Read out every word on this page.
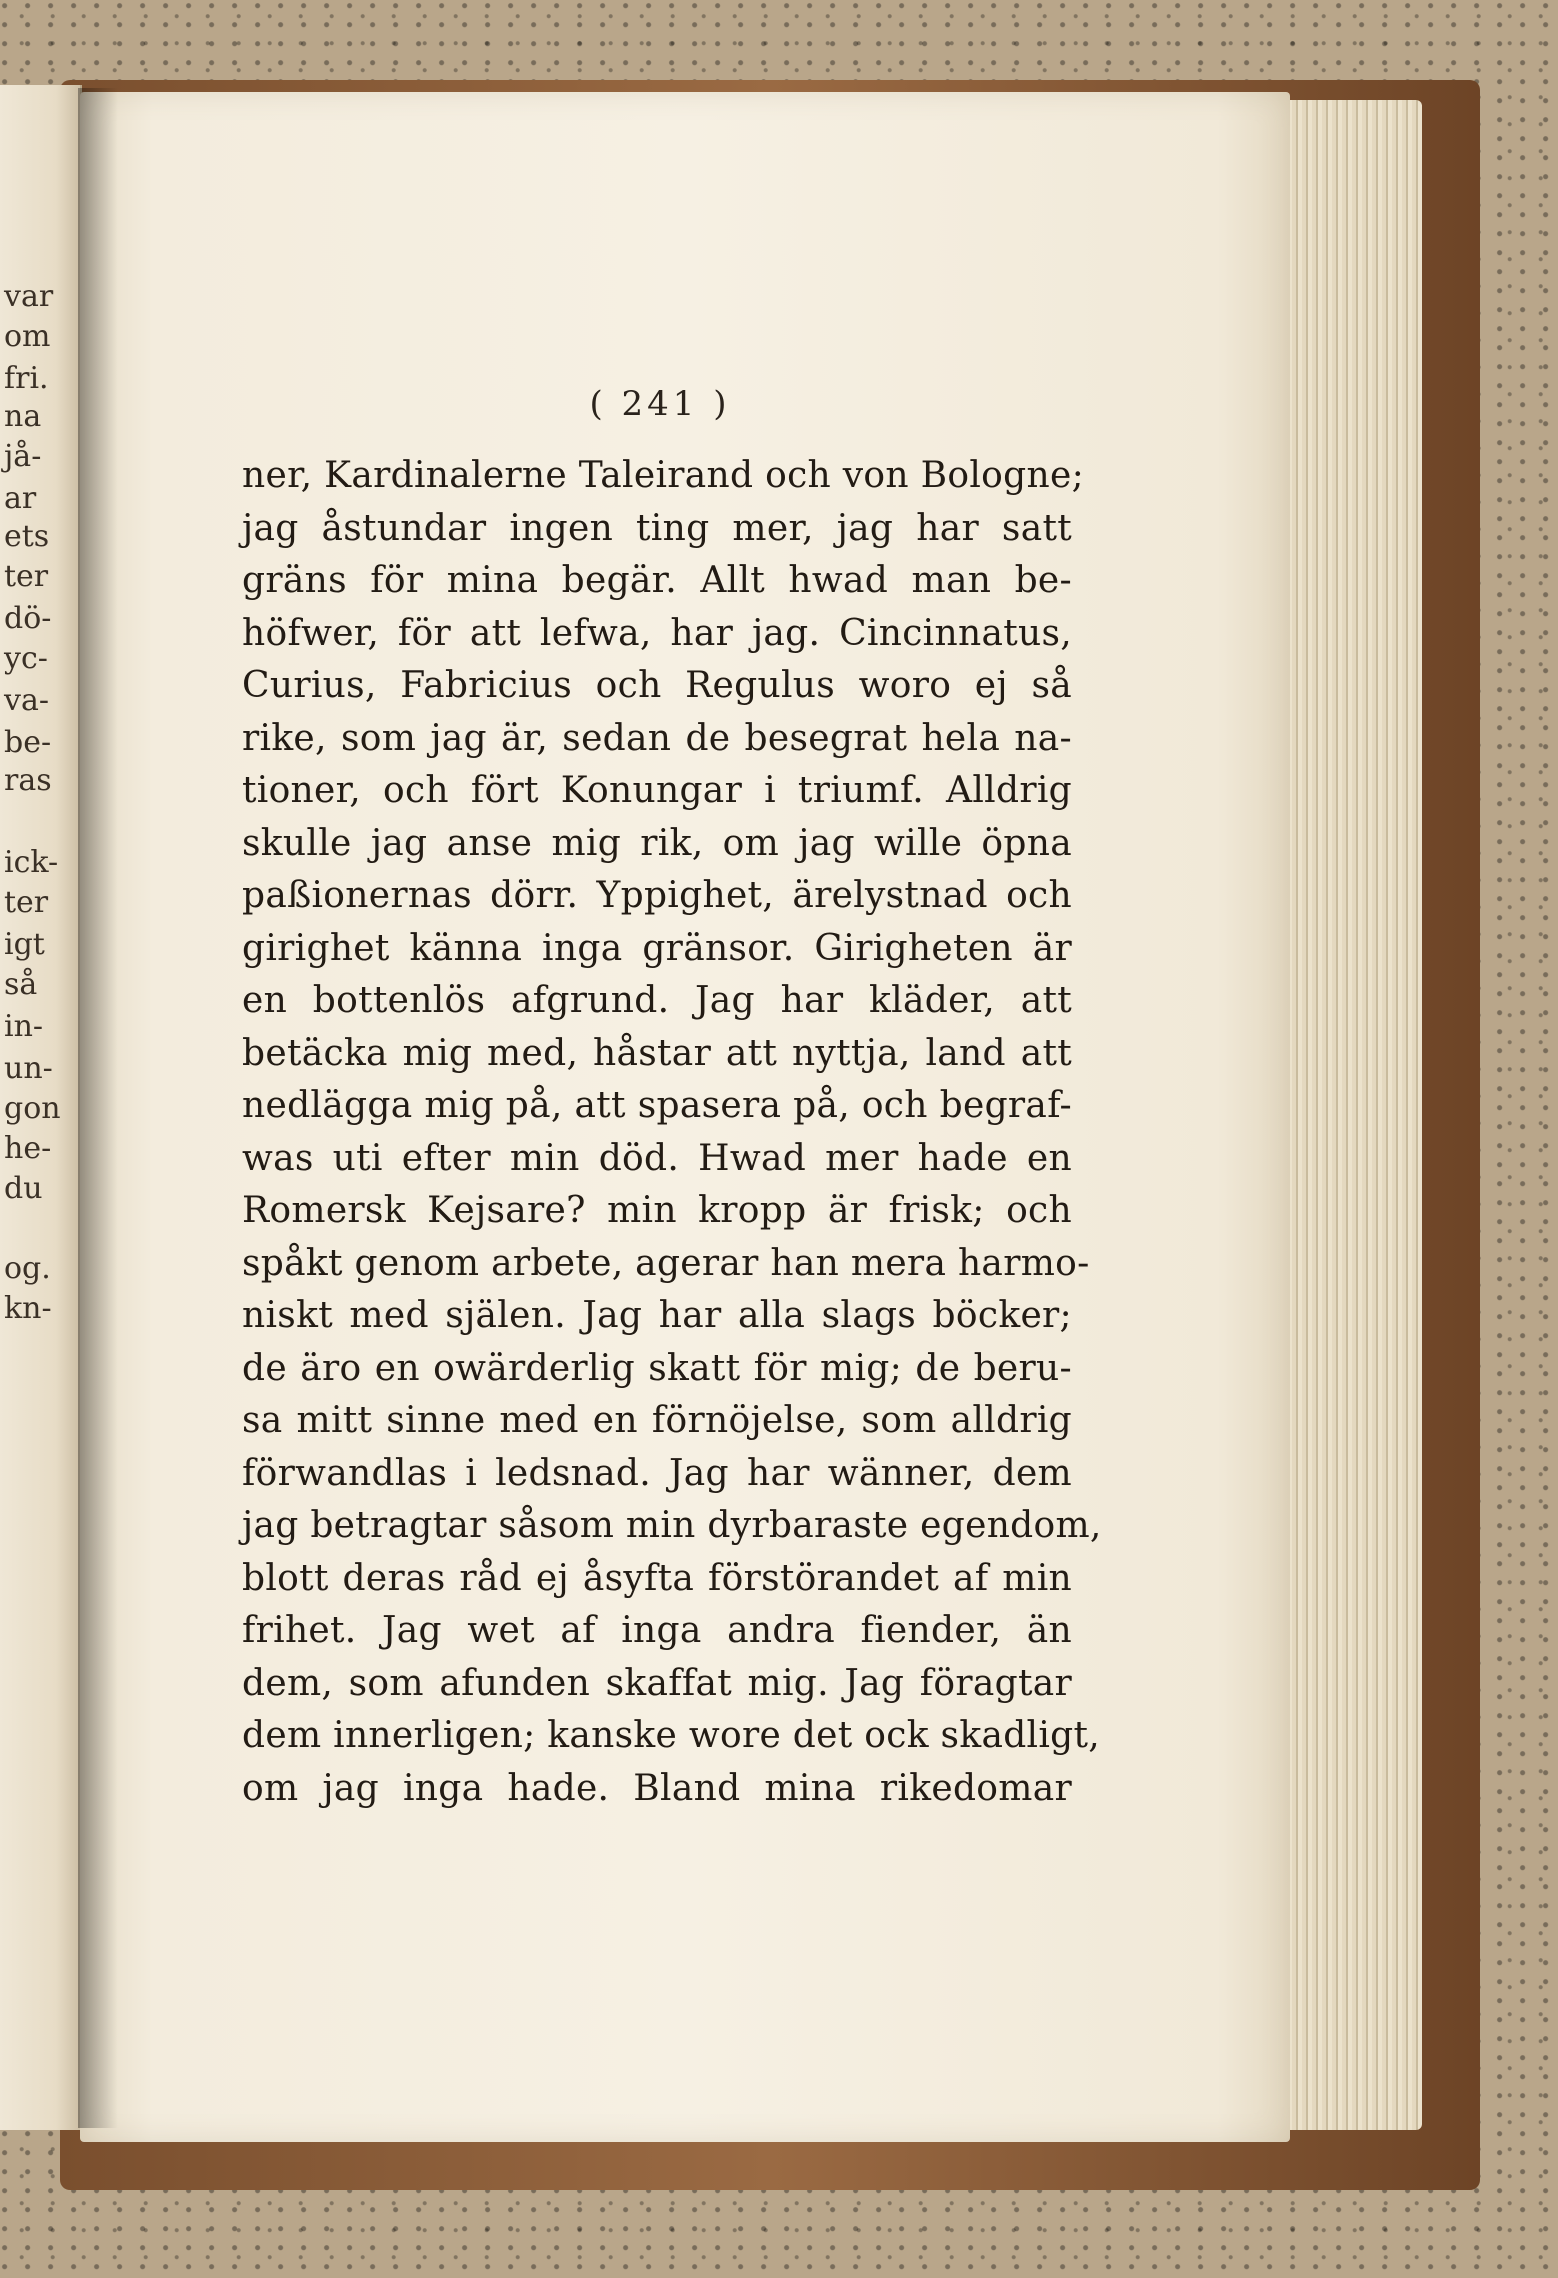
var
om
fri.
na
jå-
ar
ets
ter
dö-
yc-
va-
be-
ras
ick-
ter
igt
så
in-
un-
gon
he-
du
og.
kn-
( 241 )
ner, Kardinalerne Taleirand och von Bologne;
jag åstundar ingen ting mer, jag har satt
gräns för mina begär. Allt hwad man be-
höfwer, för att lefwa, har jag. Cincinnatus,
Curius, Fabricius och Regulus woro ej så
rike, som jag är, sedan de besegrat hela na-
tioner, och fört Konungar i triumf. Alldrig
skulle jag anse mig rik, om jag wille öpna
paßionernas dörr. Yppighet, ärelystnad och
girighet känna inga gränsor. Girigheten är
en bottenlös afgrund. Jag har kläder, att
betäcka mig med, håstar att nyttja, land att
nedlägga mig på, att spasera på, och begraf-
was uti efter min död. Hwad mer hade en
Romersk Kejsare? min kropp är frisk; och
spåkt genom arbete, agerar han mera harmo-
niskt med själen. Jag har alla slags böcker;
de äro en owärderlig skatt för mig; de beru-
sa mitt sinne med en förnöjelse, som alldrig
förwandlas i ledsnad. Jag har wänner, dem
jag betragtar såsom min dyrbaraste egendom,
blott deras råd ej åsyfta förstörandet af min
frihet. Jag wet af inga andra fiender, än
dem, som afunden skaffat mig. Jag föragtar
dem innerligen; kanske wore det ock skadligt,
om jag inga hade. Bland mina rikedomar
